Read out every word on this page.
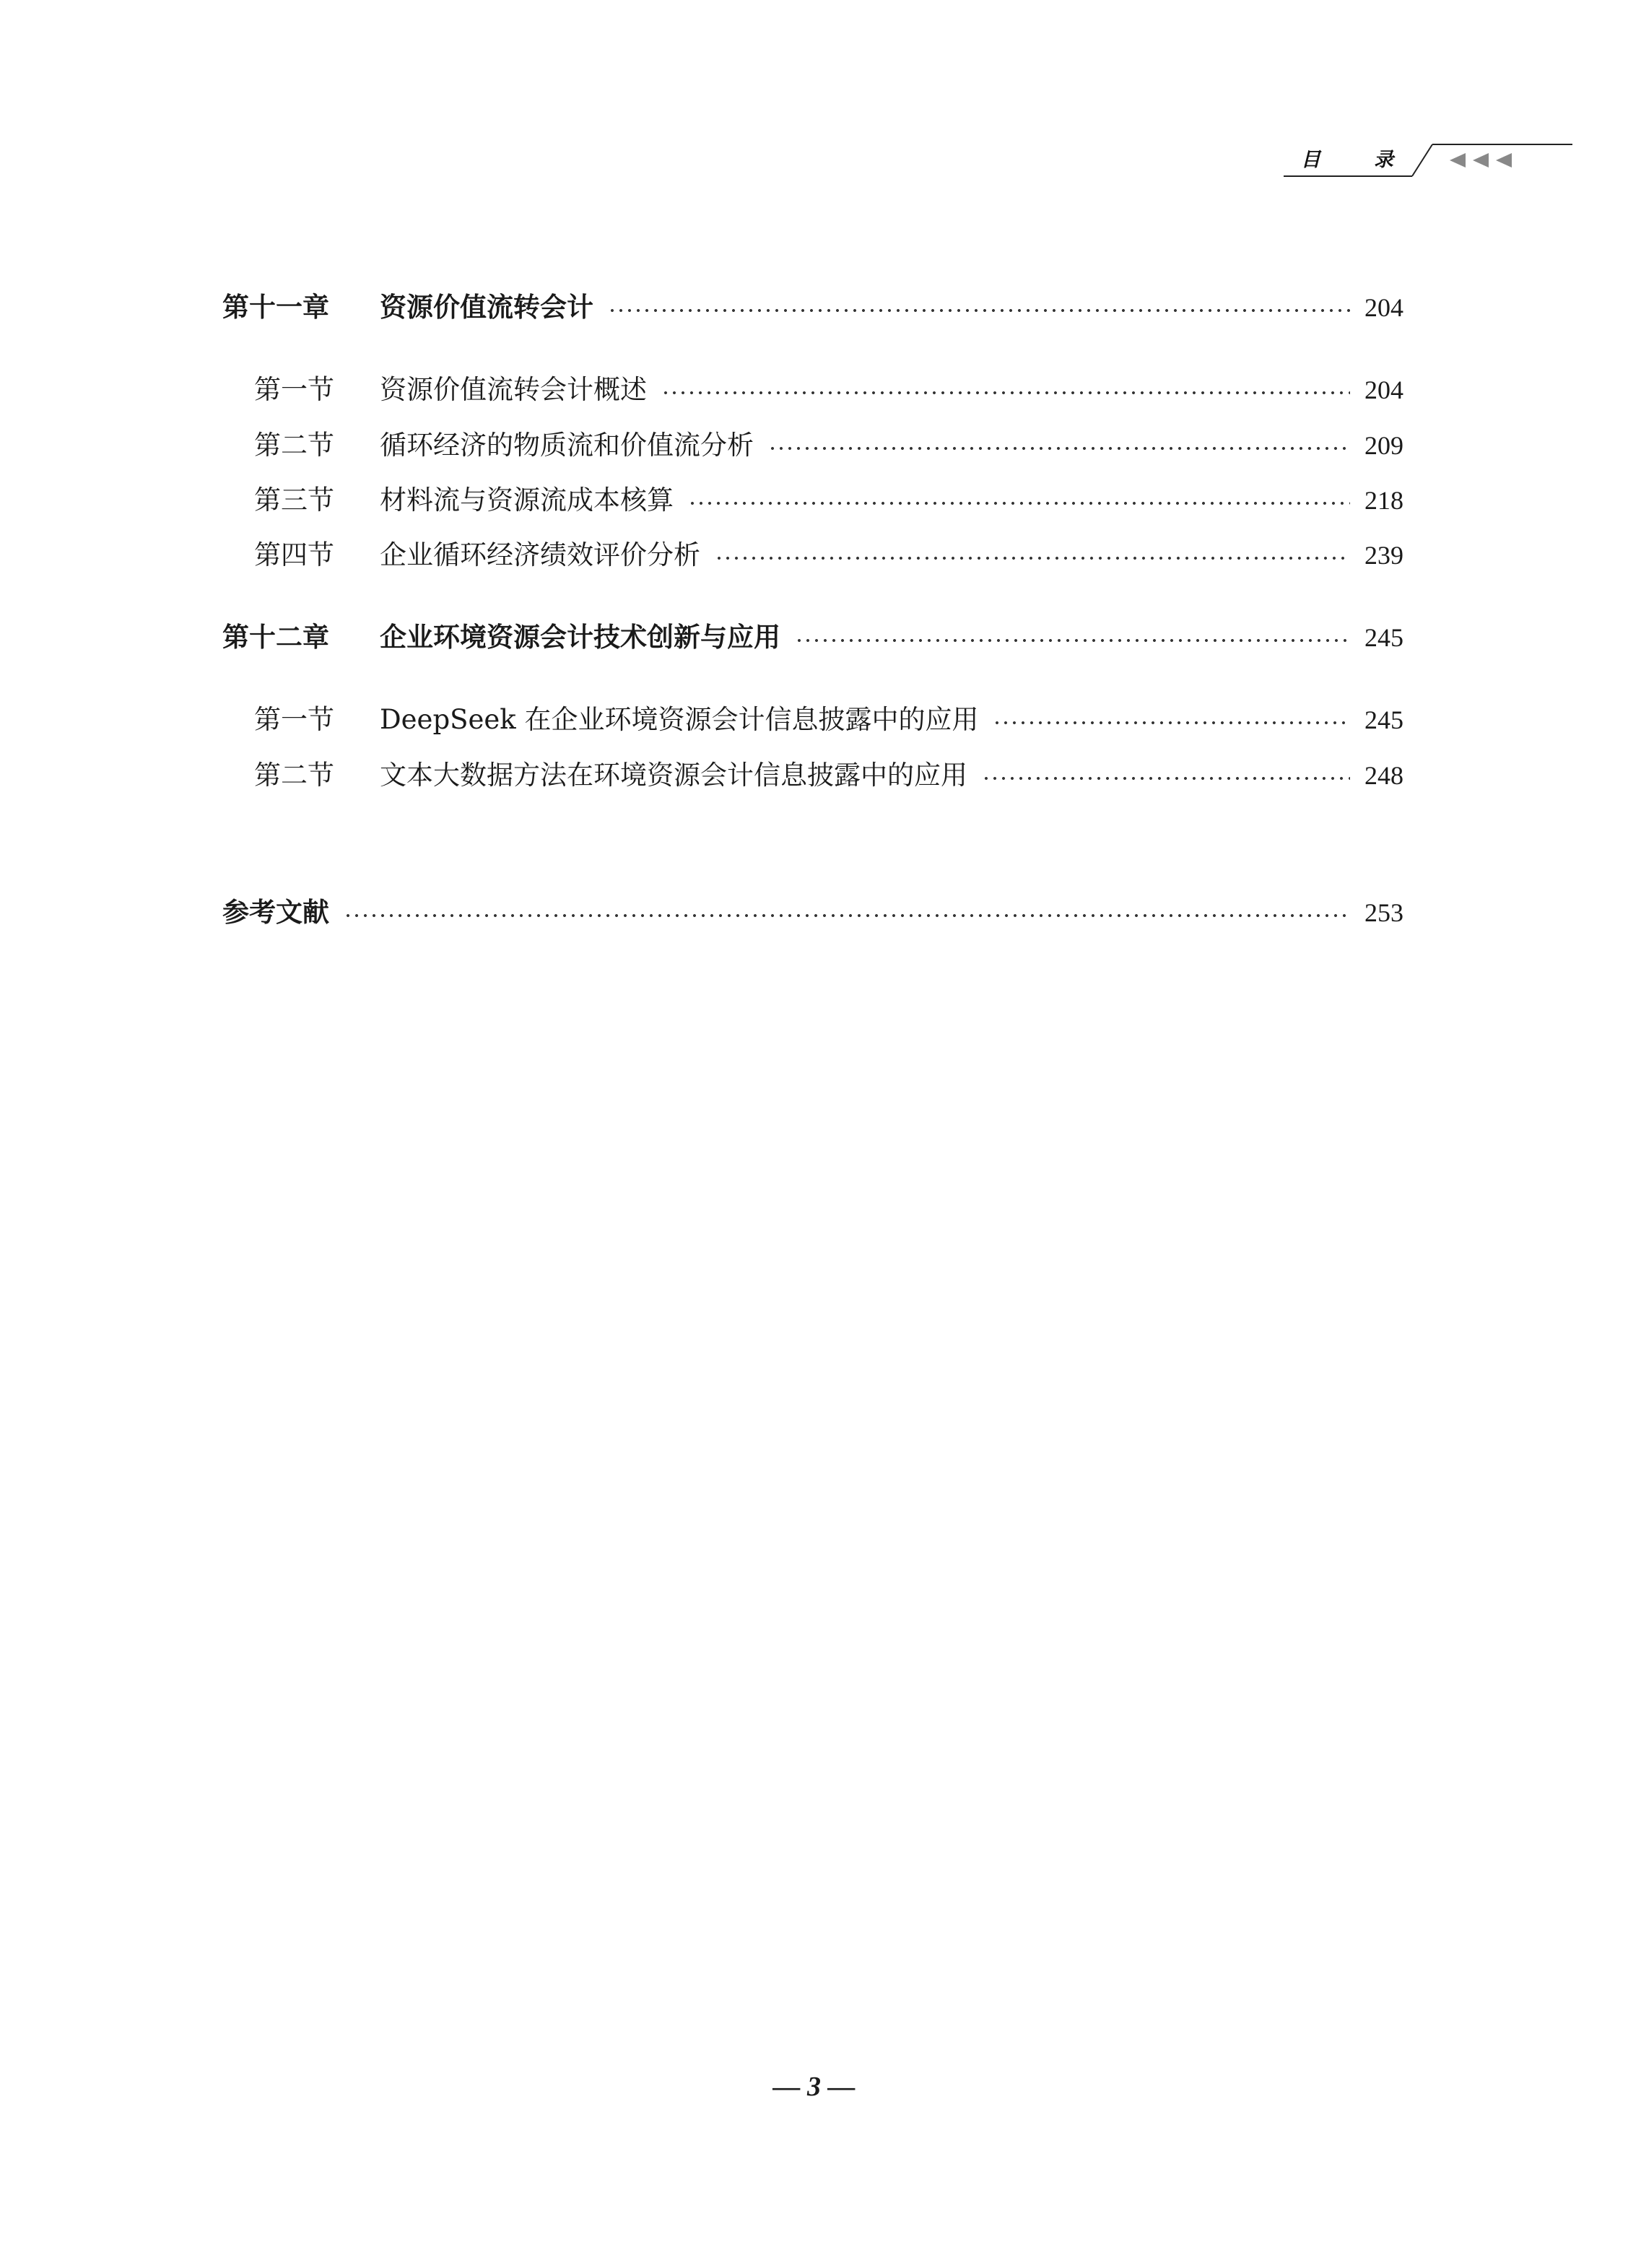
目	录
第十一章	资源价值流转会计	204
第一节	资源价值流转会计概述	204
第二节	循环经济的物质流和价值流分析	209
第三节	材料流与资源流成本核算	218
第四节	企业循环经济绩效评价分析	239
第十二章	企业环境资源会计技术创新与应用	245
第一节	DeepSeek 在企业环境资源会计信息披露中的应用	245
第二节	文本大数据方法在环境资源会计信息披露中的应用	248
参考文献	253
— 3 —
